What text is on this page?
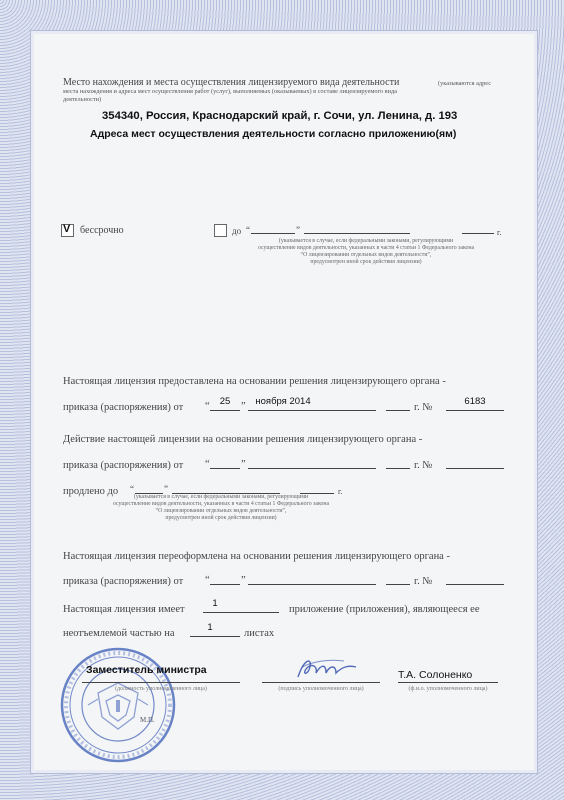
Место нахождения и места осуществления лицензируемого вида деятельности	(указываются адрес
места нахождения и адреса мест осуществления работ (услуг), выполняемых (оказываемых) в составе лицензируемого вида
деятельности)
354340, Россия, Краснодарский край, г. Сочи, ул. Ленина, д. 193
Адреса мест осуществления деятельности согласно приложению(ям)
V бессрочно	до “	”	г.
(указывается в случае, если федеральными законами, регулирующими
осуществление видов деятельности, указанных в части 4 статьи 1 Федерального закона
“О лицензировании отдельных видов деятельности”,
предусмотрен иной срок действия лицензии)
Настоящая лицензия предоставлена на основании решения лицензирующего органа -
приказа (распоряжения) от “	25	”	ноября 2014
г. №
6183
Действие настоящей лицензии на основании решения лицензирующего органа -
приказа (распоряжения) от “	”	г. №
продлено до “	”	г.
(указывается в случае, если федеральными законами, регулирующими
осуществление видов деятельности, указанных в части 4 статьи 1 Федерального закона
“О лицензировании отдельных видов деятельности”,
предусмотрен иной срок действия лицензии)
Настоящая лицензия переоформлена на основании решения лицензирующего органа -
приказа (распоряжения) от “	”	г. №
Настоящая лицензия имеет
1
приложение (приложения), являющееся ее
неотъемлемой частью на
1
листах
М.П.
Заместитель министра
(должность уполномоченного лица)	(подпись уполномоченного лица)
Т.А. Солоненко
(ф.и.о. уполномоченного лица)
